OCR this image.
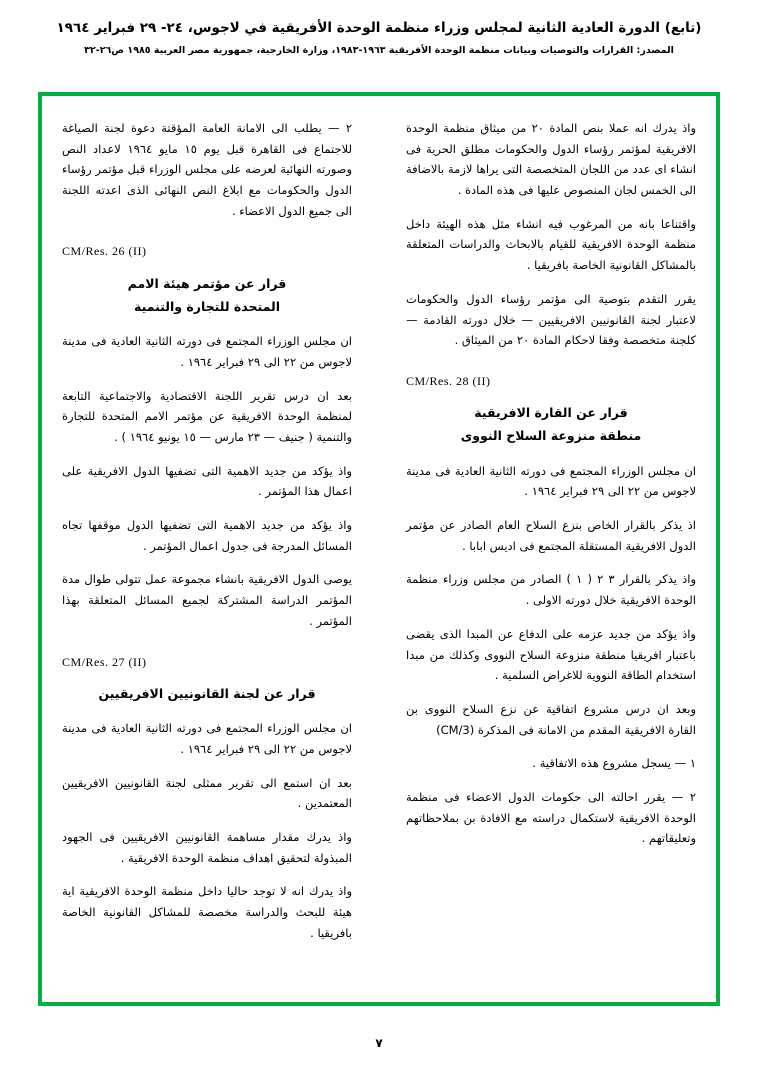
(تابع) الدورة العادية الثانية لمجلس وزراء منظمة الوحدة الأفريقية في لاجوس، ٢٤- ٢٩ فبراير ١٩٦٤
المصدر: القرارات والتوصيات وبيانات منظمة الوحدة الأفريقية ١٩٦٣-١٩٨٣، وزارة الخارجية، جمهورية مصر العربية ١٩٨٥ ص٢٦-٣٢

واذ يدرك انه عملا بنص المادة ٢٠ من ميثاق منظمة الوحدة الافريقية لمؤتمر رؤساء الدول والحكومات مطلق الحرية فى انشاء اى عدد من اللجان المتخصصة التى يراها لازمة بالاضافة الى الخمس لجان المنصوص عليها فى هذه المادة .

واقتناعا بانه من المرغوب فيه انشاء مثل هذه الهيئة داخل منظمة الوحدة الافريقية للقيام بالابحاث والدراسات المتعلقة بالمشاكل القانونية الخاصة بافريقيا .

يقرر التقدم بتوصية الى مؤتمر رؤساء الدول والحكومات لاعتبار لجنة القانونيين الافريقيين — خلال دورته القادمة — كلجنة متخصصة وفقا لاحكام المادة ٢٠ من الميثاق .

CM/Res. 28 (II)
قرار عن القارة الافريقية
منطقة منزوعة السلاح النووى

ان مجلس الوزراء المجتمع فى دورته الثانية العادية فى مدينة لاجوس من ٢٢ الى ٢٩ فبراير ١٩٦٤ .

اذ يذكر بالقرار الخاص بنزع السلاح العام الصادر عن مؤتمر الدول الافريقية المستقلة المجتمع فى اديس ابابا .

واذ يذكر بالقرار ٣ ٢ ( ١ ) الصادر من مجلس وزراء منظمة الوحدة الافريقية خلال دورته الاولى .

واذ يؤكد من جديد عزمه على الدفاع عن المبدا الذى يقضى باعتبار افريقيا منطقة منزوعة السلاح النووى وكذلك من مبدا استخدام الطاقة النووية للاغراض السلمية .

وبعد ان درس مشروع اتفاقية عن نزع السلاح النووى بن القارة الافريقية المقدم من الامانة فى المذكرة (CM/3)

١ — يسجل مشروع هذه الاتفاقية .

٢ — يقرر احالته الى حكومات الدول الاعضاء فى منظمة الوحدة الافريقية لاستكمال دراسته مع الافادة بن بملاحظاتهم وتعليقاتهم .

٢ — يطلب الى الامانة العامة المؤقتة دعوة لجنة الصياغة للاجتماع فى القاهرة قبل يوم ١٥ مايو ١٩٦٤ لاعداد النص وصورته النهائية لعرضه على مجلس الوزراء قبل مؤتمر رؤساء الدول والحكومات مع ابلاغ النص النهائى الذى اعدته اللجنة الى جميع الدول الاعضاء .

CM/Res. 26 (II)
قرار عن مؤتمر هيئة الامم
المتحدة للتجارة والتنمية

ان مجلس الوزراء المجتمع فى دورته الثانية العادية فى مدينة لاجوس من ٢٢ الى ٢٩ فبراير ١٩٦٤ .

بعد ان درس تقرير اللجنة الاقتصادية والاجتماعية التابعة لمنظمة الوحدة الافريقية عن مؤتمر الامم المتحدة للتجارة والتنمية ( جنيف — ٢٣ مارس — ١٥ يونيو ١٩٦٤ ) .

واذ يؤكد من جديد الاهمية التى تضفيها الدول الافريقية على اعمال هذا المؤتمر .

واذ يؤكد من جديد الاهمية التى تضفيها الدول موقفها تجاه المسائل المدرجة فى جدول اعمال المؤتمر .

يوصى الدول الافريقية بانشاء مجموعة عمل تتولى طوال مدة المؤتمر الدراسة المشتركة لجميع المسائل المتعلقة بهذا المؤتمر .

CM/Res. 27 (II)
قرار عن لجنة القانونيين الافريقيين

ان مجلس الوزراء المجتمع فى دورته الثانية العادية فى مدينة لاجوس من ٢٢ الى ٢٩ فبراير ١٩٦٤ .

بعد ان استمع الى تقرير ممثلى لجنة القانونيين الافريقيين المعتمدين .

واذ يدرك مقدار مساهمة القانونيين الافريقيين فى الجهود المبذولة لتحقيق اهداف منظمة الوحدة الافريقية .

واذ يدرك انه لا توجد حاليا داخل منظمة الوحدة الافريقية اية هيئة للبحث والدراسة مخصصة للمشاكل القانونية الخاصة بافريقيا .

٧
